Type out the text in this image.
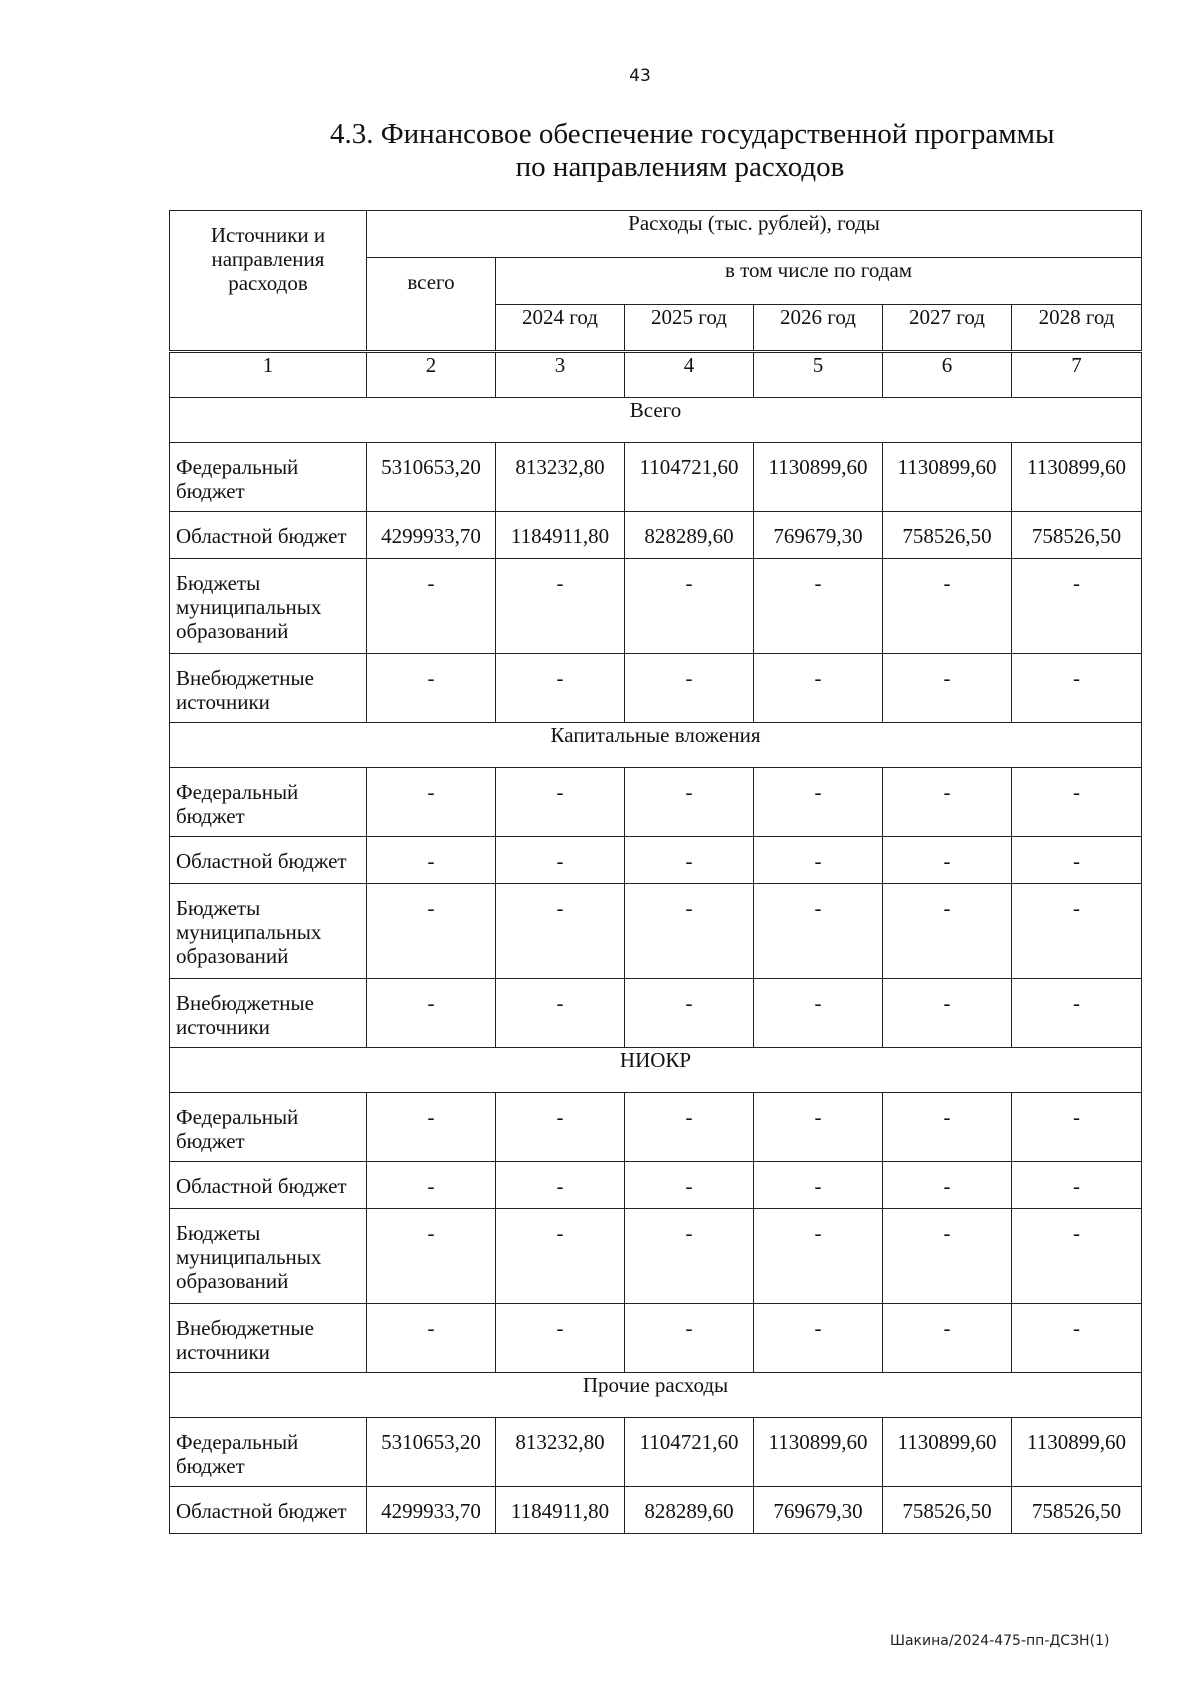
43
4.3. Финансовое обеспечение государственной программы
по направлениям расходов
Источники и направления расходов	Расходы (тыс. рублей), годы					
	всего	в том числе по годам				
		2024 год	2025 год	2026 год	2027 год	2028 год
1	2	3	4	5	6	7
Всего						
Федеральный бюджет	5310653,20	813232,80	1104721,60	1130899,60	1130899,60	1130899,60
Областной бюджет	4299933,70	1184911,80	828289,60	769679,30	758526,50	758526,50
Бюджеты муниципальных образований	-	-	-	-	-	-
Внебюджетные источники	-	-	-	-	-	-
Капитальные вложения						
Федеральный бюджет	-	-	-	-	-	-
Областной бюджет	-	-	-	-	-	-
Бюджеты муниципальных образований	-	-	-	-	-	-
Внебюджетные источники	-	-	-	-	-	-
НИОКР						
Федеральный бюджет	-	-	-	-	-	-
Областной бюджет	-	-	-	-	-	-
Бюджеты муниципальных образований	-	-	-	-	-	-
Внебюджетные источники	-	-	-	-	-	-
Прочие расходы						
Федеральный бюджет	5310653,20	813232,80	1104721,60	1130899,60	1130899,60	1130899,60
Областной бюджет	4299933,70	1184911,80	828289,60	769679,30	758526,50	758526,50
Шакина/2024-475-пп-ДСЗН(1)
